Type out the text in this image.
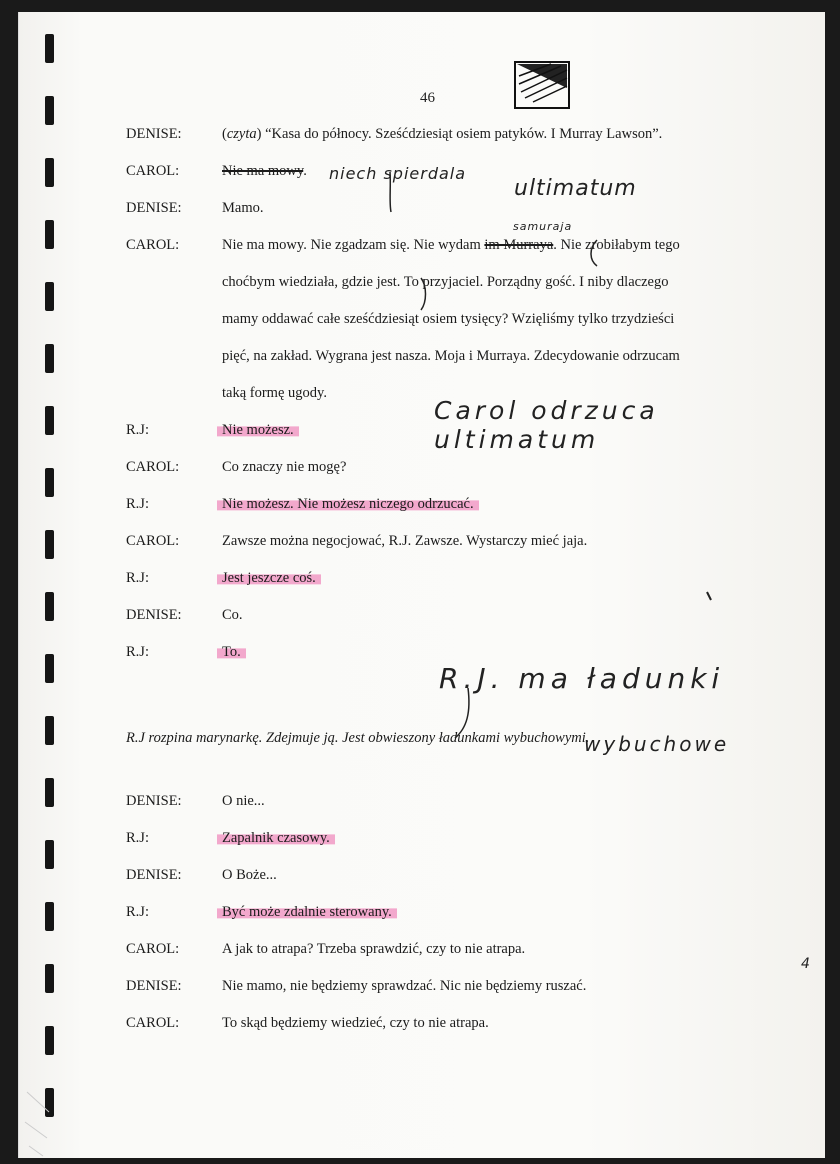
46
DENISE:	(czyta) “Kasa do północy. Sześćdziesiąt osiem patyków. I Murray Lawson”.
CAROL:	Nie ma mowy. niech spierdala
ultimatum
DENISE:	Mamo.
CAROL:	Nie ma mowy. Nie zgadzam się. Nie wydam im Murraya. Nie zrobiłabym tego
samuraja
choćbym wiedziała, gdzie jest. To przyjaciel. Porządny gość. I niby dlaczego
mamy oddawać całe sześćdziesiąt osiem tysięcy? Wzięliśmy tylko trzydzieści
pięć, na zakład. Wygrana jest nasza. Moja i Murraya. Zdecydowanie odrzucam
taką formę ugody.
Carol odrzuca ultimatum
R.J:	Nie możesz.
CAROL:	Co znaczy nie mogę?
R.J:	Nie możesz. Nie możesz niczego odrzucać.
CAROL:	Zawsze można negocjować, R.J. Zawsze. Wystarczy mieć jaja.
R.J:	Jest jeszcze coś.
DENISE:	Co.
R.J:	To.
R.J. ma ładunki
R.J rozpina marynarkę. Zdejmuje ją. Jest obwieszony ładunkami wybuchowymi.
wybuchowe
DENISE:	O nie...
R.J:	Zapalnik czasowy.
DENISE:	O Boże...
R.J:	Być może zdalnie sterowany.
CAROL:	A jak to atrapa? Trzeba sprawdzić, czy to nie atrapa.
DENISE:	Nie mamo, nie będziemy sprawdzać. Nic nie będziemy ruszać.
CAROL:	To skąd będziemy wiedzieć, czy to nie atrapa.
4
